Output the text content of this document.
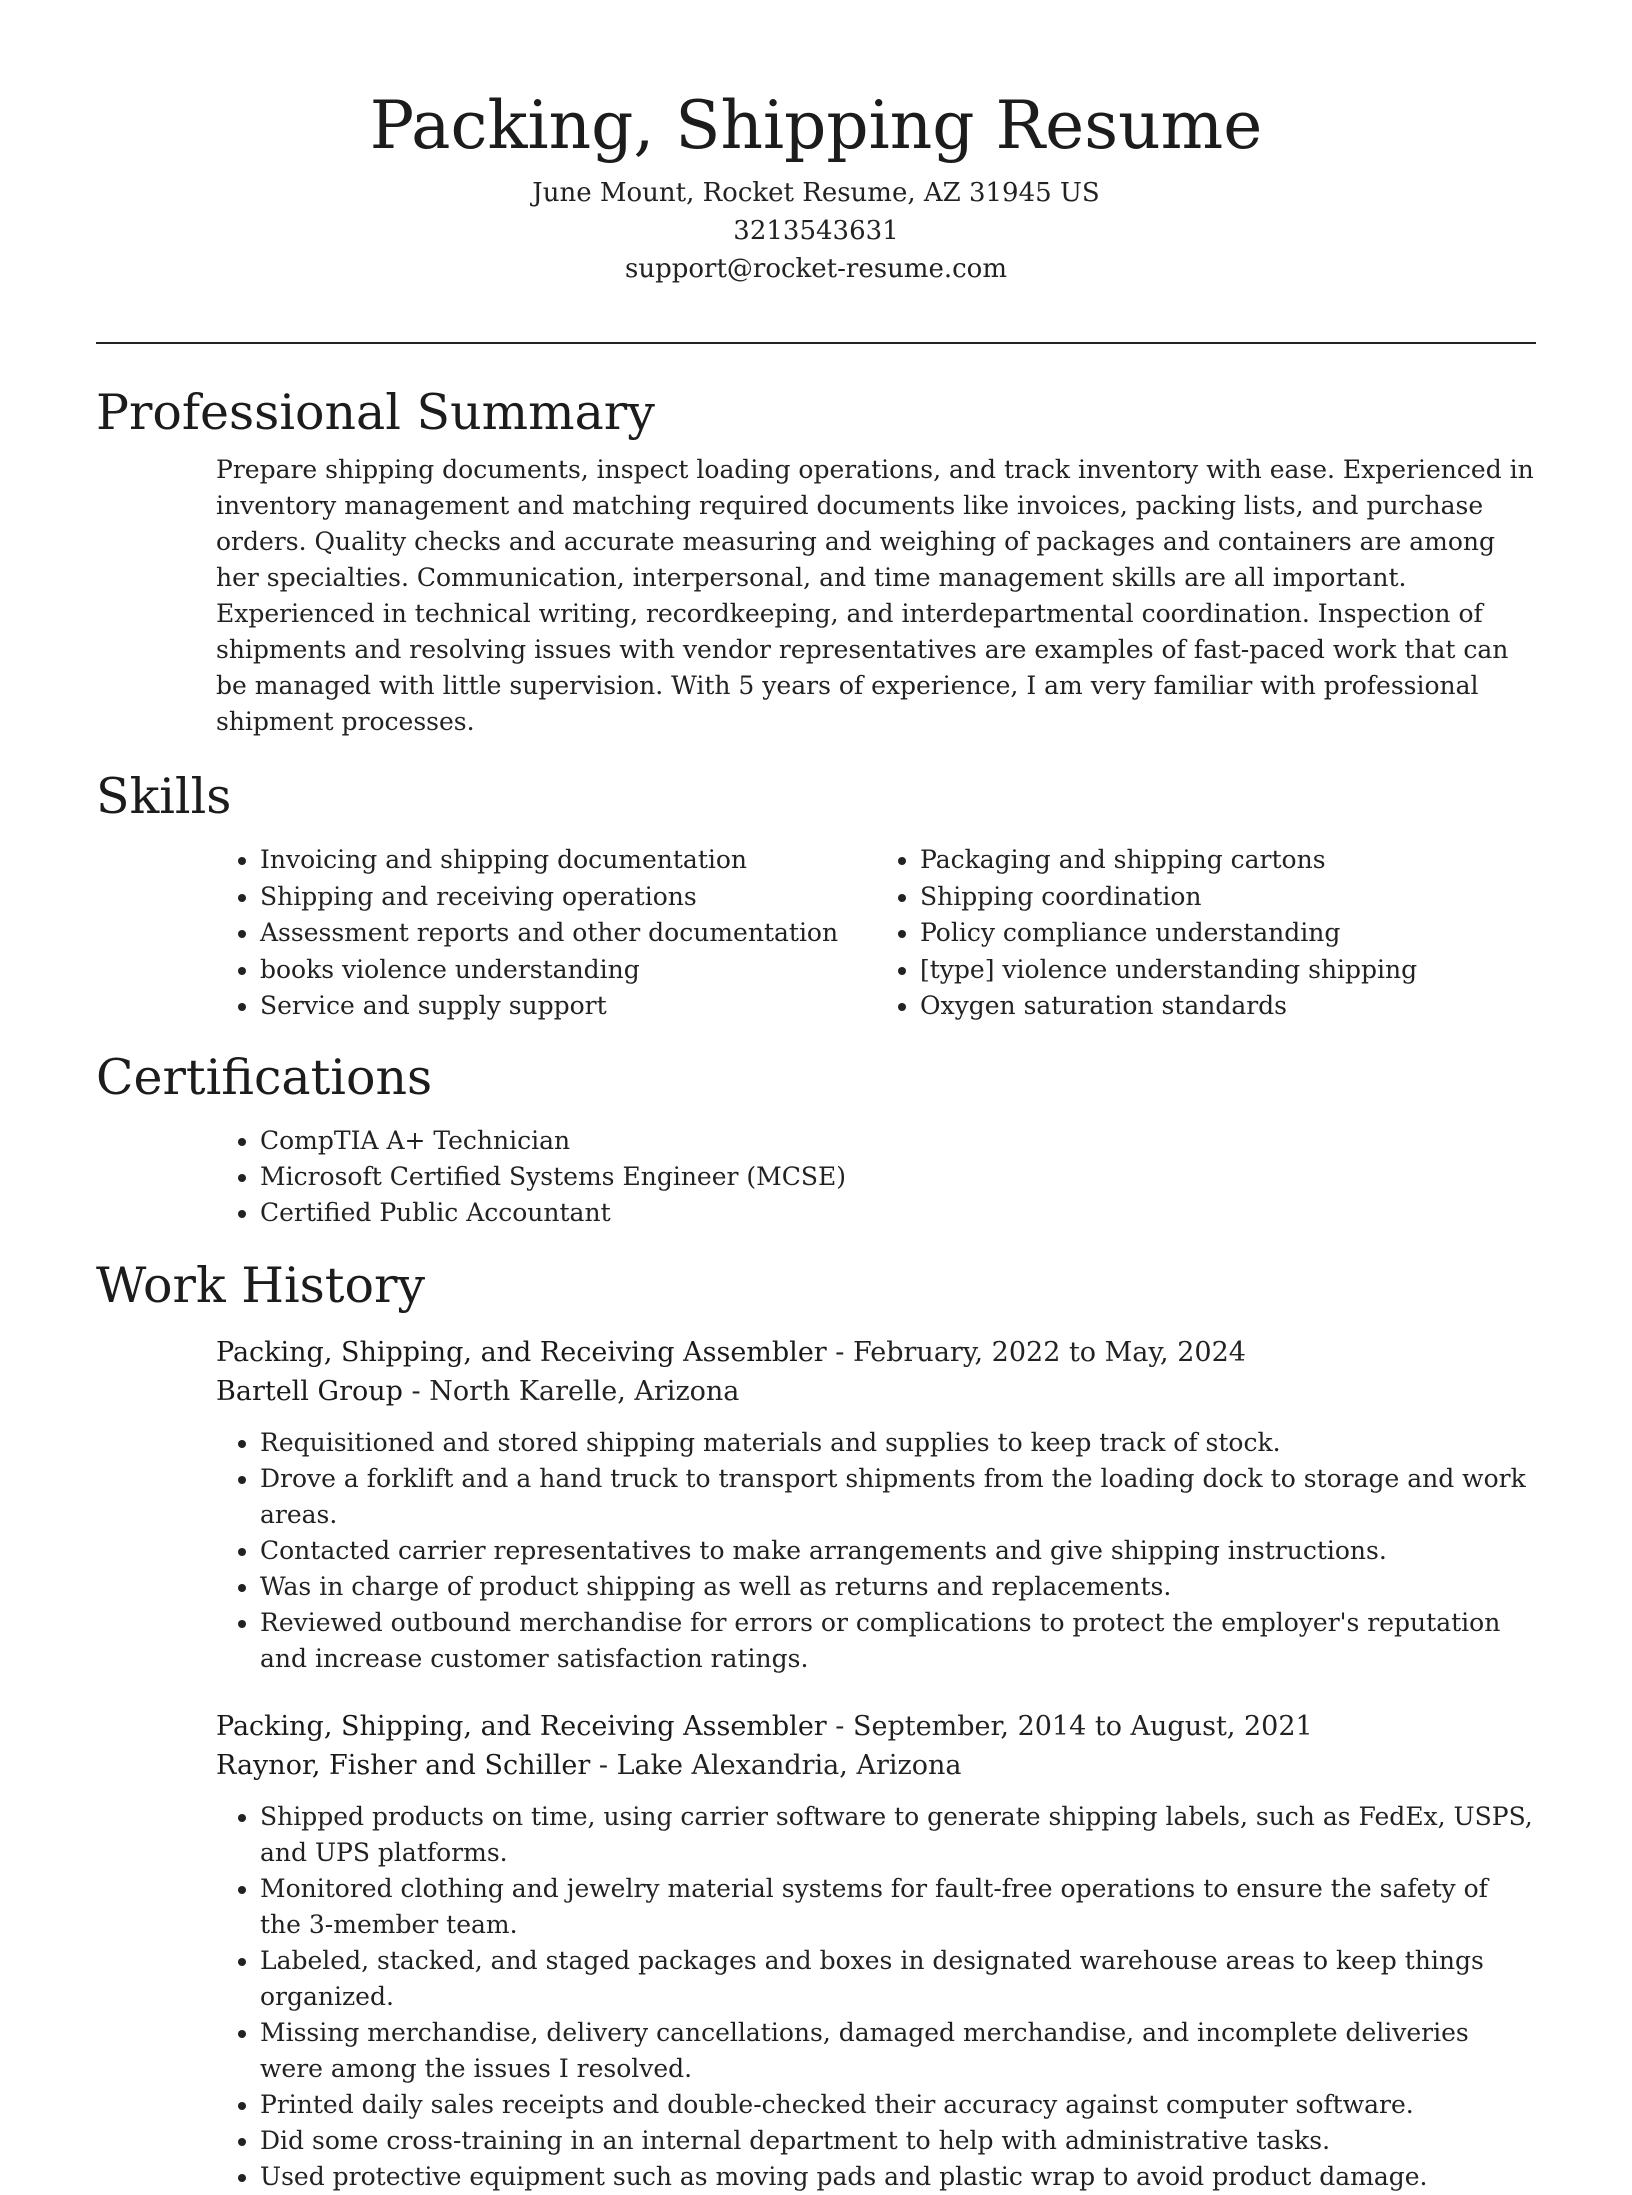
Packing, Shipping Resume
June Mount, Rocket Resume, AZ 31945 US
3213543631
support@rocket-resume.com
Professional Summary

Prepare shipping documents, inspect loading operations, and track inventory with ease. Experienced in inventory management and matching required documents like invoices, packing lists, and purchase orders. Quality checks and accurate measuring and weighing of packages and containers are among her specialties. Communication, interpersonal, and time management skills are all important. Experienced in technical writing, recordkeeping, and interdepartmental coordination. Inspection of shipments and resolving issues with vendor representatives are examples of fast-paced work that can be managed with little supervision. With 5 years of experience, I am very familiar with professional shipment processes.

Skills
• Invoicing and shipping documentation
• Shipping and receiving operations
• Assessment reports and other documentation
• books violence understanding
• Service and supply support
• Packaging and shipping cartons
• Shipping coordination
• Policy compliance understanding
• [type] violence understanding shipping
• Oxygen saturation standards
Certifications
• CompTIA A+ Technician
• Microsoft Certified Systems Engineer (MCSE)
• Certified Public Accountant
Work History
Packing, Shipping, and Receiving Assembler - February, 2022 to May, 2024
Bartell Group - North Karelle, Arizona
• Requisitioned and stored shipping materials and supplies to keep track of stock.
• Drove a forklift and a hand truck to transport shipments from the loading dock to storage and work areas.
• Contacted carrier representatives to make arrangements and give shipping instructions.
• Was in charge of product shipping as well as returns and replacements.
• Reviewed outbound merchandise for errors or complications to protect the employer's reputation and increase customer satisfaction ratings.
Packing, Shipping, and Receiving Assembler - September, 2014 to August, 2021
Raynor, Fisher and Schiller - Lake Alexandria, Arizona
• Shipped products on time, using carrier software to generate shipping labels, such as FedEx, USPS, and UPS platforms.
• Monitored clothing and jewelry material systems for fault-free operations to ensure the safety of the 3-member team.
• Labeled, stacked, and staged packages and boxes in designated warehouse areas to keep things organized.
• Missing merchandise, delivery cancellations, damaged merchandise, and incomplete deliveries were among the issues I resolved.
• Printed daily sales receipts and double-checked their accuracy against computer software.
• Did some cross-training in an internal department to help with administrative tasks.
• Used protective equipment such as moving pads and plastic wrap to avoid product damage.
